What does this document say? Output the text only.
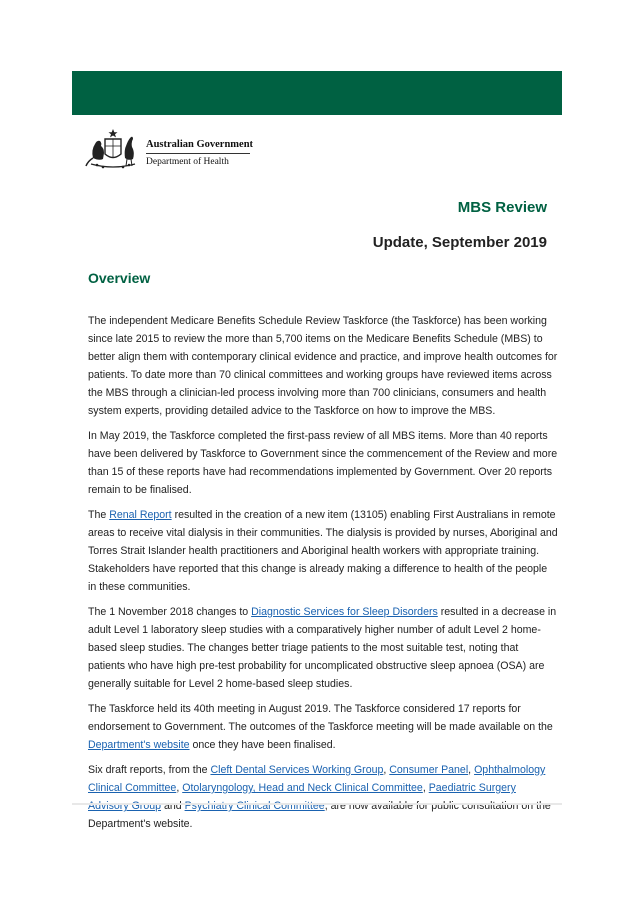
Australian Government
Department of Health
MBS Review
Update, September 2019
Overview

The independent Medicare Benefits Schedule Review Taskforce (the Taskforce) has been working since late 2015 to review the more than 5,700 items on the Medicare Benefits Schedule (MBS) to better align them with contemporary clinical evidence and practice, and improve health outcomes for patients. To date more than 70 clinical committees and working groups have reviewed items across the MBS through a clinician-led process involving more than 700 clinicians, consumers and health system experts, providing detailed advice to the Taskforce on how to improve the MBS.

In May 2019, the Taskforce completed the first-pass review of all MBS items. More than 40 reports have been delivered by Taskforce to Government since the commencement of the Review and more than 15 of these reports have had recommendations implemented by Government. Over 20 reports remain to be finalised.

The Renal Report resulted in the creation of a new item (13105) enabling First Australians in remote areas to receive vital dialysis in their communities. The dialysis is provided by nurses, Aboriginal and Torres Strait Islander health practitioners and Aboriginal health workers with appropriate training. Stakeholders have reported that this change is already making a difference to health of the people in these communities.

The 1 November 2018 changes to Diagnostic Services for Sleep Disorders resulted in a decrease in adult Level 1 laboratory sleep studies with a comparatively higher number of adult Level 2 home-based sleep studies. The changes better triage patients to the most suitable test, noting that patients who have high pre-test probability for uncomplicated obstructive sleep apnoea (OSA) are generally suitable for Level 2 home-based sleep studies.

The Taskforce held its 40th meeting in August 2019. The Taskforce considered 17 reports for endorsement to Government. The outcomes of the Taskforce meeting will be made available on the Department's website once they have been finalised.

Six draft reports, from the Cleft Dental Services Working Group, Consumer Panel, Ophthalmology Clinical Committee, Otolaryngology, Head and Neck Clinical Committee, Paediatric Surgery Advisory Group and Psychiatry Clinical Committee, are now available for public consultation on the Department's website.
